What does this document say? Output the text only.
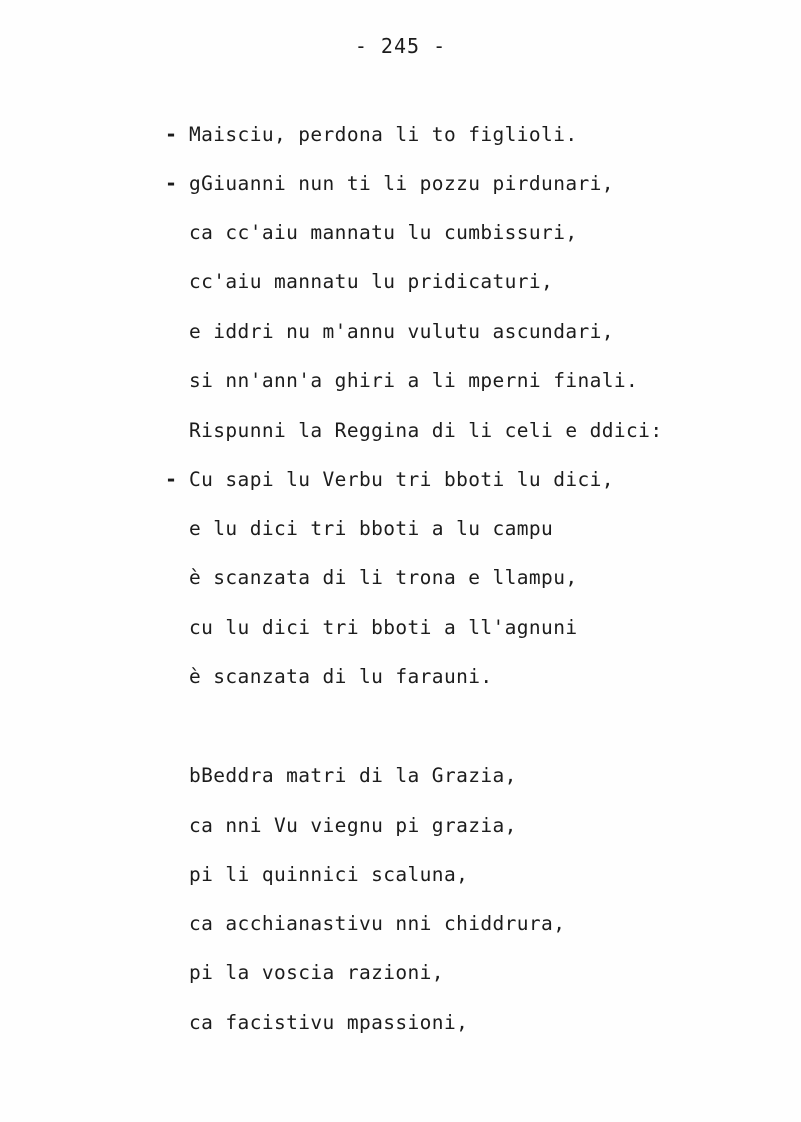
- 245 -
- Maisciu, perdona li to figlioli.
- gGiuanni nun ti li pozzu pirdunari,
ca cc'aiu mannatu lu cumbissuri,
cc'aiu mannatu lu pridicaturi,
e iddri nu m'annu vulutu ascundari,
si nn'ann'a ghiri a li mperni finali.
Rispunni la Reggina di li celi e ddici:
- Cu sapi lu Verbu tri bboti lu dici,
e lu dici tri bboti a lu campu
è scanzata di li trona e llampu,
cu lu dici tri bboti a ll'agnuni
è scanzata di lu farauni.
bBeddra matri di la Grazia,
ca nni Vu viegnu pi grazia,
pi li quinnici scaluna,
ca acchianastivu nni chiddrura,
pi la voscia razioni,
ca facistivu mpassioni,
